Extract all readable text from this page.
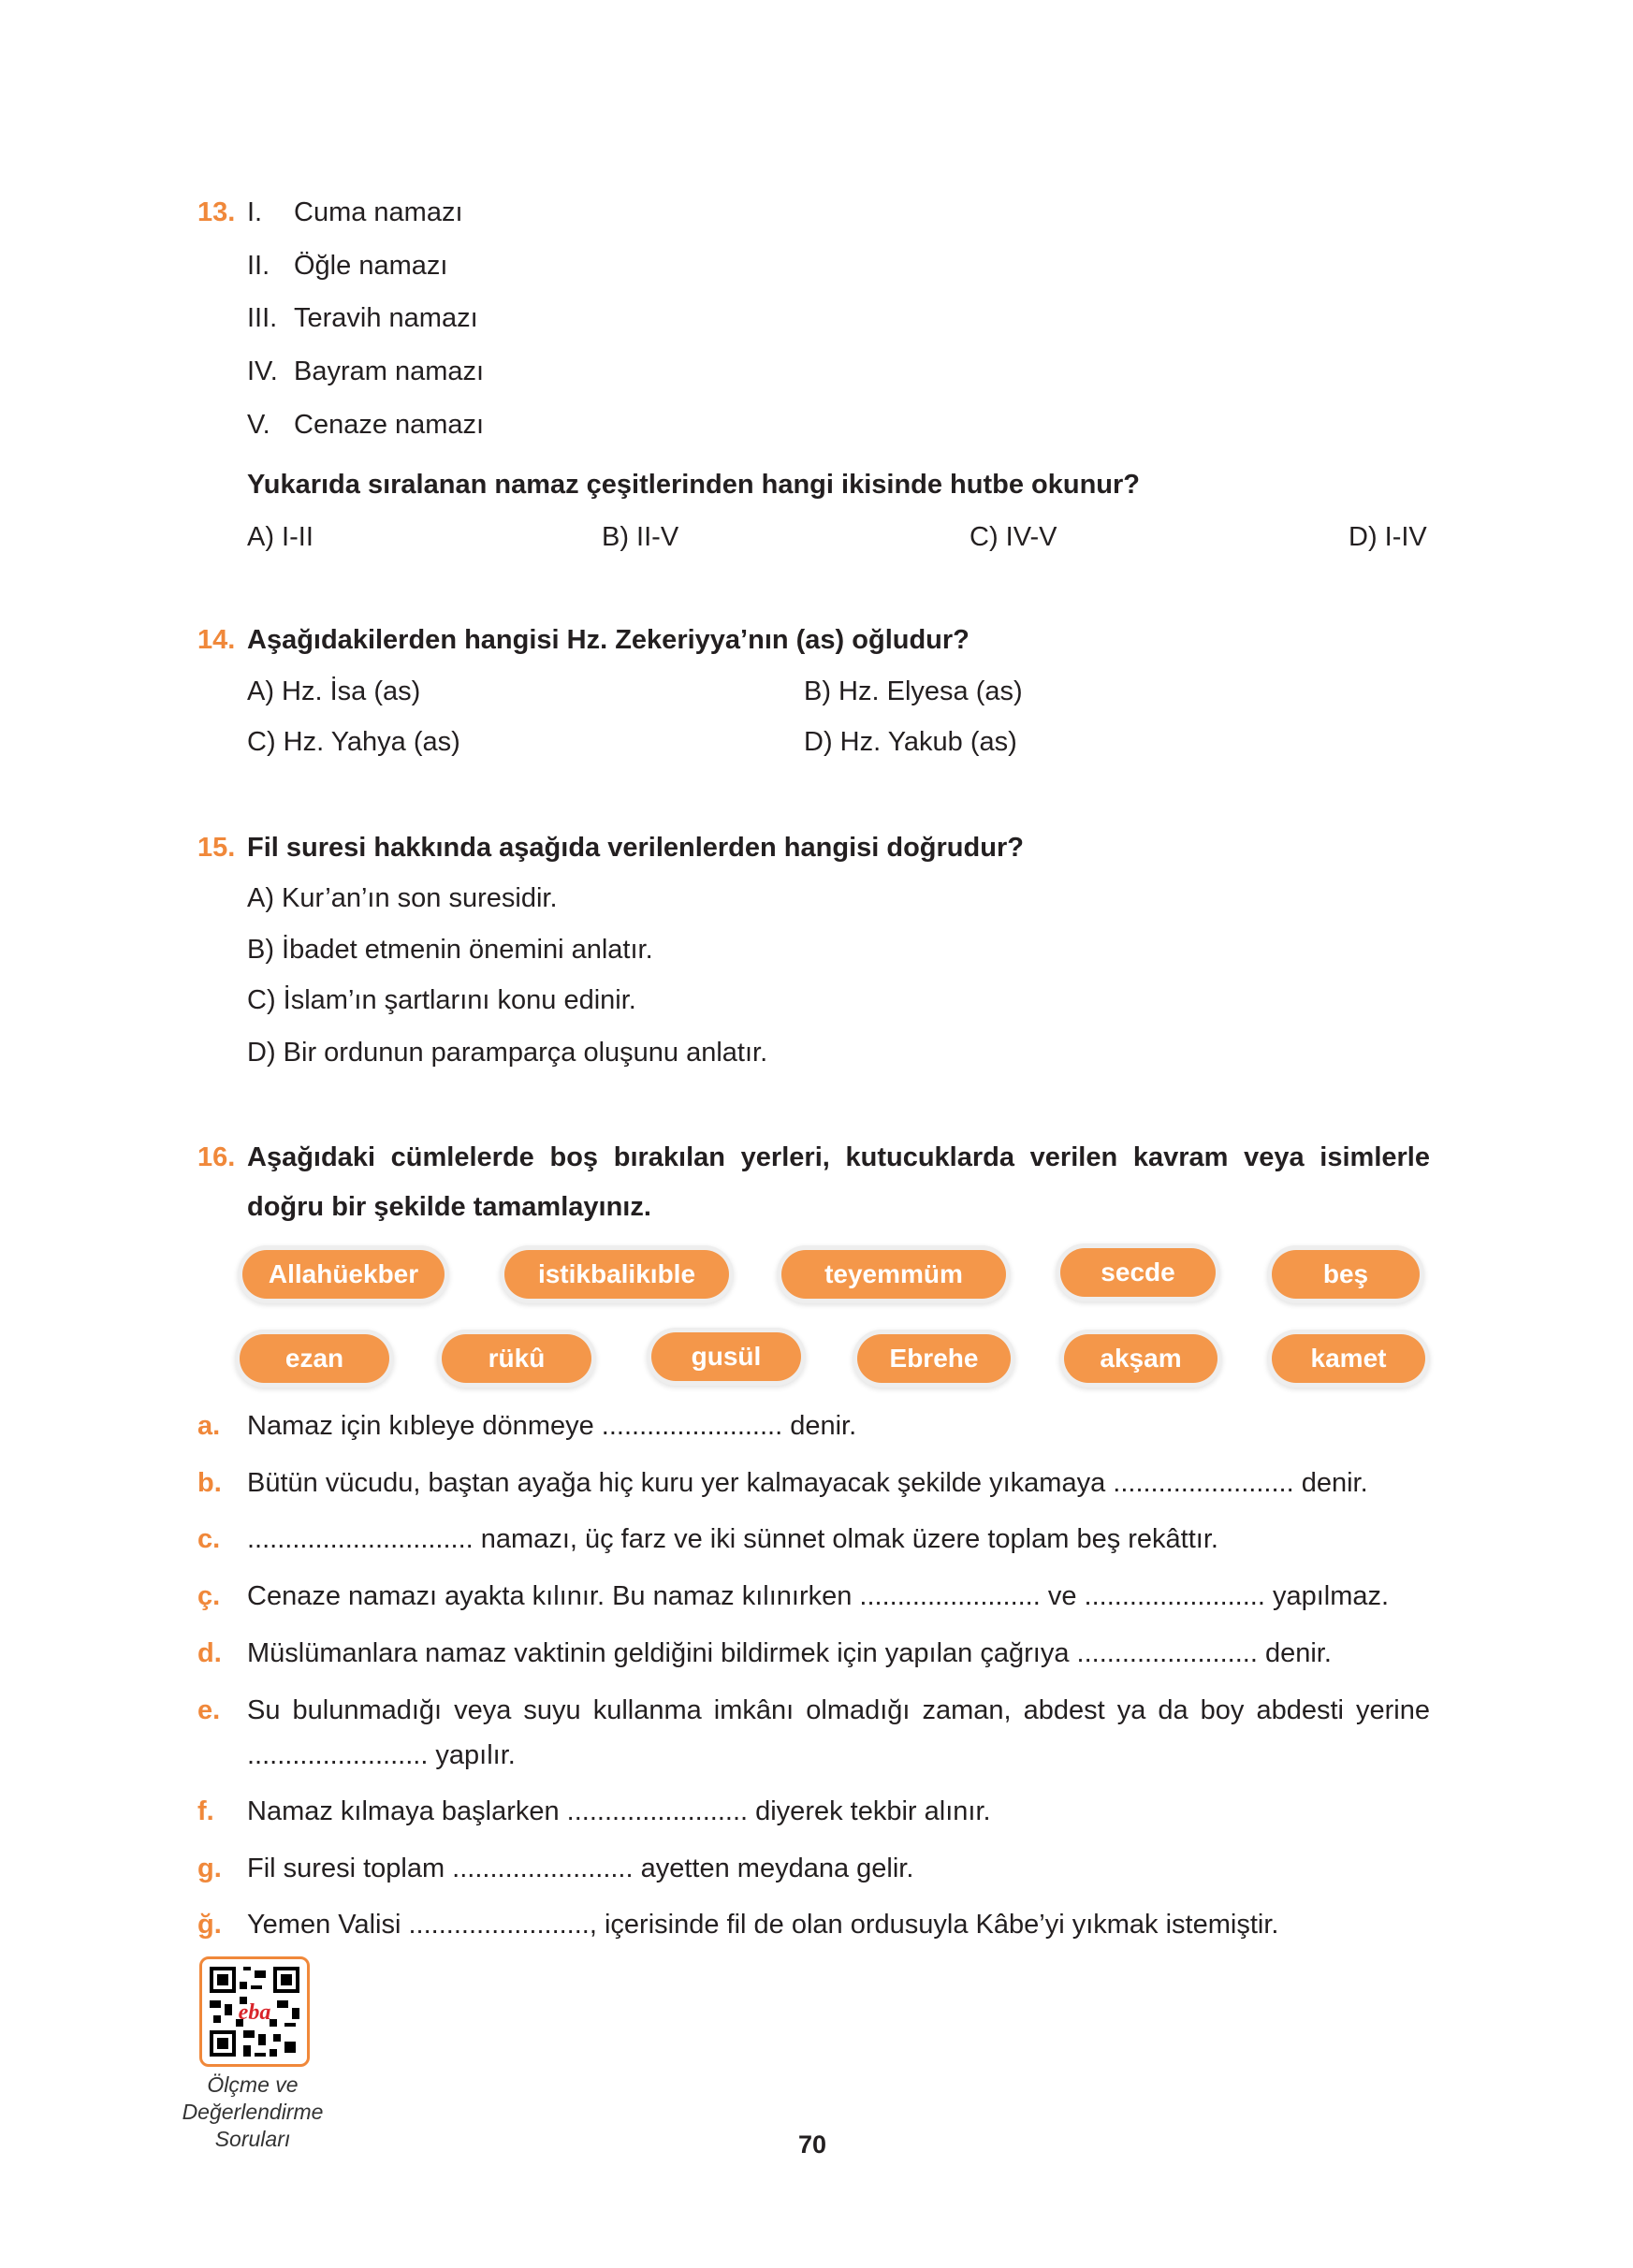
13. I. Cuma namazı
II. Öğle namazı
III. Teravih namazı
IV. Bayram namazı
V. Cenaze namazı
Yukarıda sıralanan namaz çeşitlerinden hangi ikisinde hutbe okunur?
A) I-II	B) II-V	C) IV-V	D) I-IV
14. Aşağıdakilerden hangisi Hz. Zekeriyya’nın (as) oğludur?
A) Hz. İsa (as)	B) Hz. Elyesa (as)
C) Hz. Yahya (as)	D) Hz. Yakub (as)
15. Fil suresi hakkında aşağıda verilenlerden hangisi doğrudur?
A) Kur’an’ın son suresidir.
B) İbadet etmenin önemini anlatır.
C) İslam’ın şartlarını konu edinir.
D) Bir ordunun paramparça oluşunu anlatır.
16. Aşağıdaki cümlelerde boş bırakılan yerleri, kutucuklarda verilen kavram veya isimlerle
doğru bir şekilde tamamlayınız.
Allahüekber	istikbalikıble	teyemmüm	secde	beş
ezan	rükû	gusül	Ebrehe	akşam	kamet
a. Namaz için kıbleye dönmeye ........................ denir.
b. Bütün vücudu, baştan ayağa hiç kuru yer kalmayacak şekilde yıkamaya ........................ denir.
c. .............................. namazı, üç farz ve iki sünnet olmak üzere toplam beş rekâttır.
ç. Cenaze namazı ayakta kılınır. Bu namaz kılınırken ........................ ve ........................ yapılmaz.
d. Müslümanlara namaz vaktinin geldiğini bildirmek için yapılan çağrıya ........................ denir.
e. Su bulunmadığı veya suyu kullanma imkânı olmadığı zaman, abdest ya da boy abdesti yerine
........................ yapılır.
f. Namaz kılmaya başlarken ........................ diyerek tekbir alınır.
g. Fil suresi toplam ........................ ayetten meydana gelir.
ğ. Yemen Valisi ........................, içerisinde fil de olan ordusuyla Kâbe’yi yıkmak istemiştir.
eba
Ölçme ve
Değerlendirme
Soruları	70
